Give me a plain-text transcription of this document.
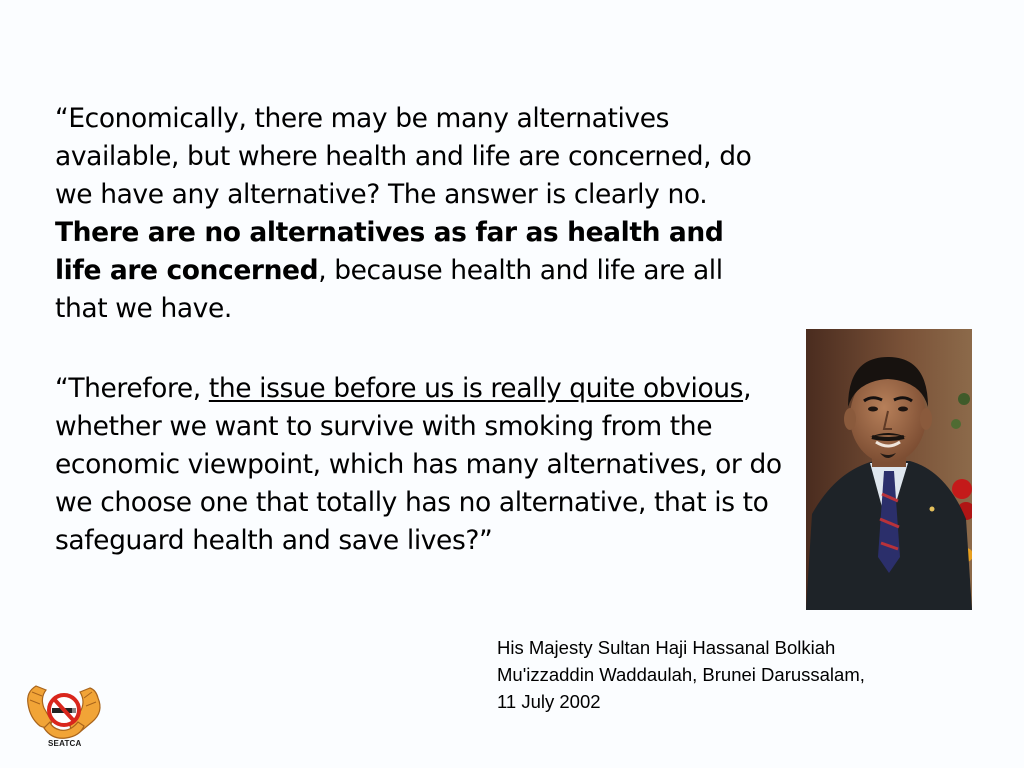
“Economically, there may be many alternatives available, but where health and life are concerned, do we have any alternative? The answer is clearly no. There are no alternatives as far as health and life are concerned, because health and life are all that we have.

“Therefore, the issue before us is really quite obvious, whether we want to survive with smoking from the economic viewpoint, which has many alternatives, or do we choose one that totally has no alternative, that is to safeguard health and save lives?”

His Majesty Sultan Haji Hassanal Bolkiah
Mu'izzaddin Waddaulah, Brunei Darussalam,
11 July 2002
SEATCA
